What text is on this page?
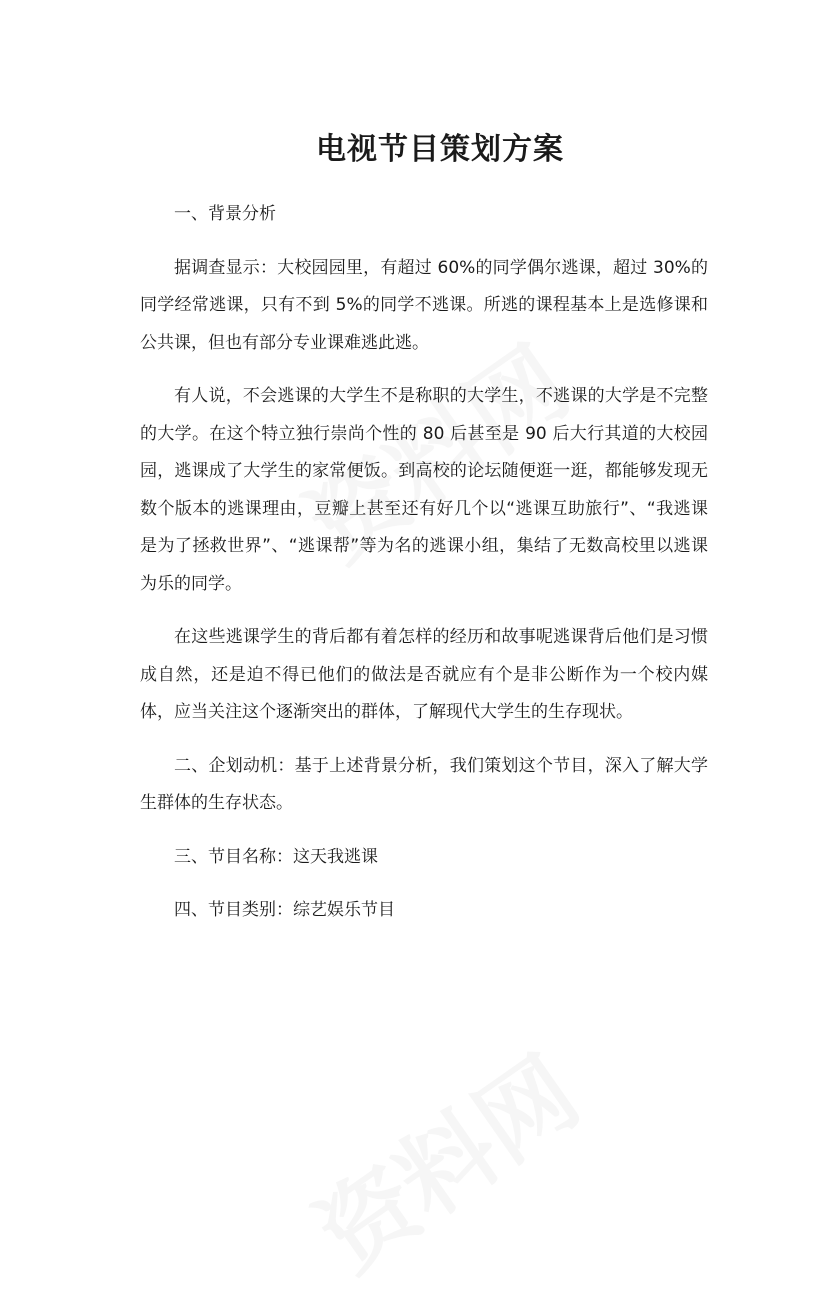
电视节目策划方案

一、背景分析

据调查显示：大校园园里，有超过 60%的同学偶尔逃课，超过 30%的同学经常逃课，只有不到 5%的同学不逃课。所逃的课程基本上是选修课和公共课，但也有部分专业课难逃此逃。

有人说，不会逃课的大学生不是称职的大学生，不逃课的大学是不完整的大学。在这个特立独行崇尚个性的 80 后甚至是 90 后大行其道的大校园园，逃课成了大学生的家常便饭。到高校的论坛随便逛一逛，都能够发现无数个版本的逃课理由，豆瓣上甚至还有好几个以“逃课互助旅行”、“我逃课是为了拯救世界”、“逃课帮”等为名的逃课小组，集结了无数高校里以逃课为乐的同学。

在这些逃课学生的背后都有着怎样的经历和故事呢逃课背后他们是习惯成自然，还是迫不得已他们的做法是否就应有个是非公断作为一个校内媒体，应当关注这个逐渐突出的群体，了解现代大学生的生存现状。

二、企划动机：基于上述背景分析，我们策划这个节目，深入了解大学生群体的生存状态。

三、节目名称：这天我逃课

四、节目类别：综艺娱乐节目
